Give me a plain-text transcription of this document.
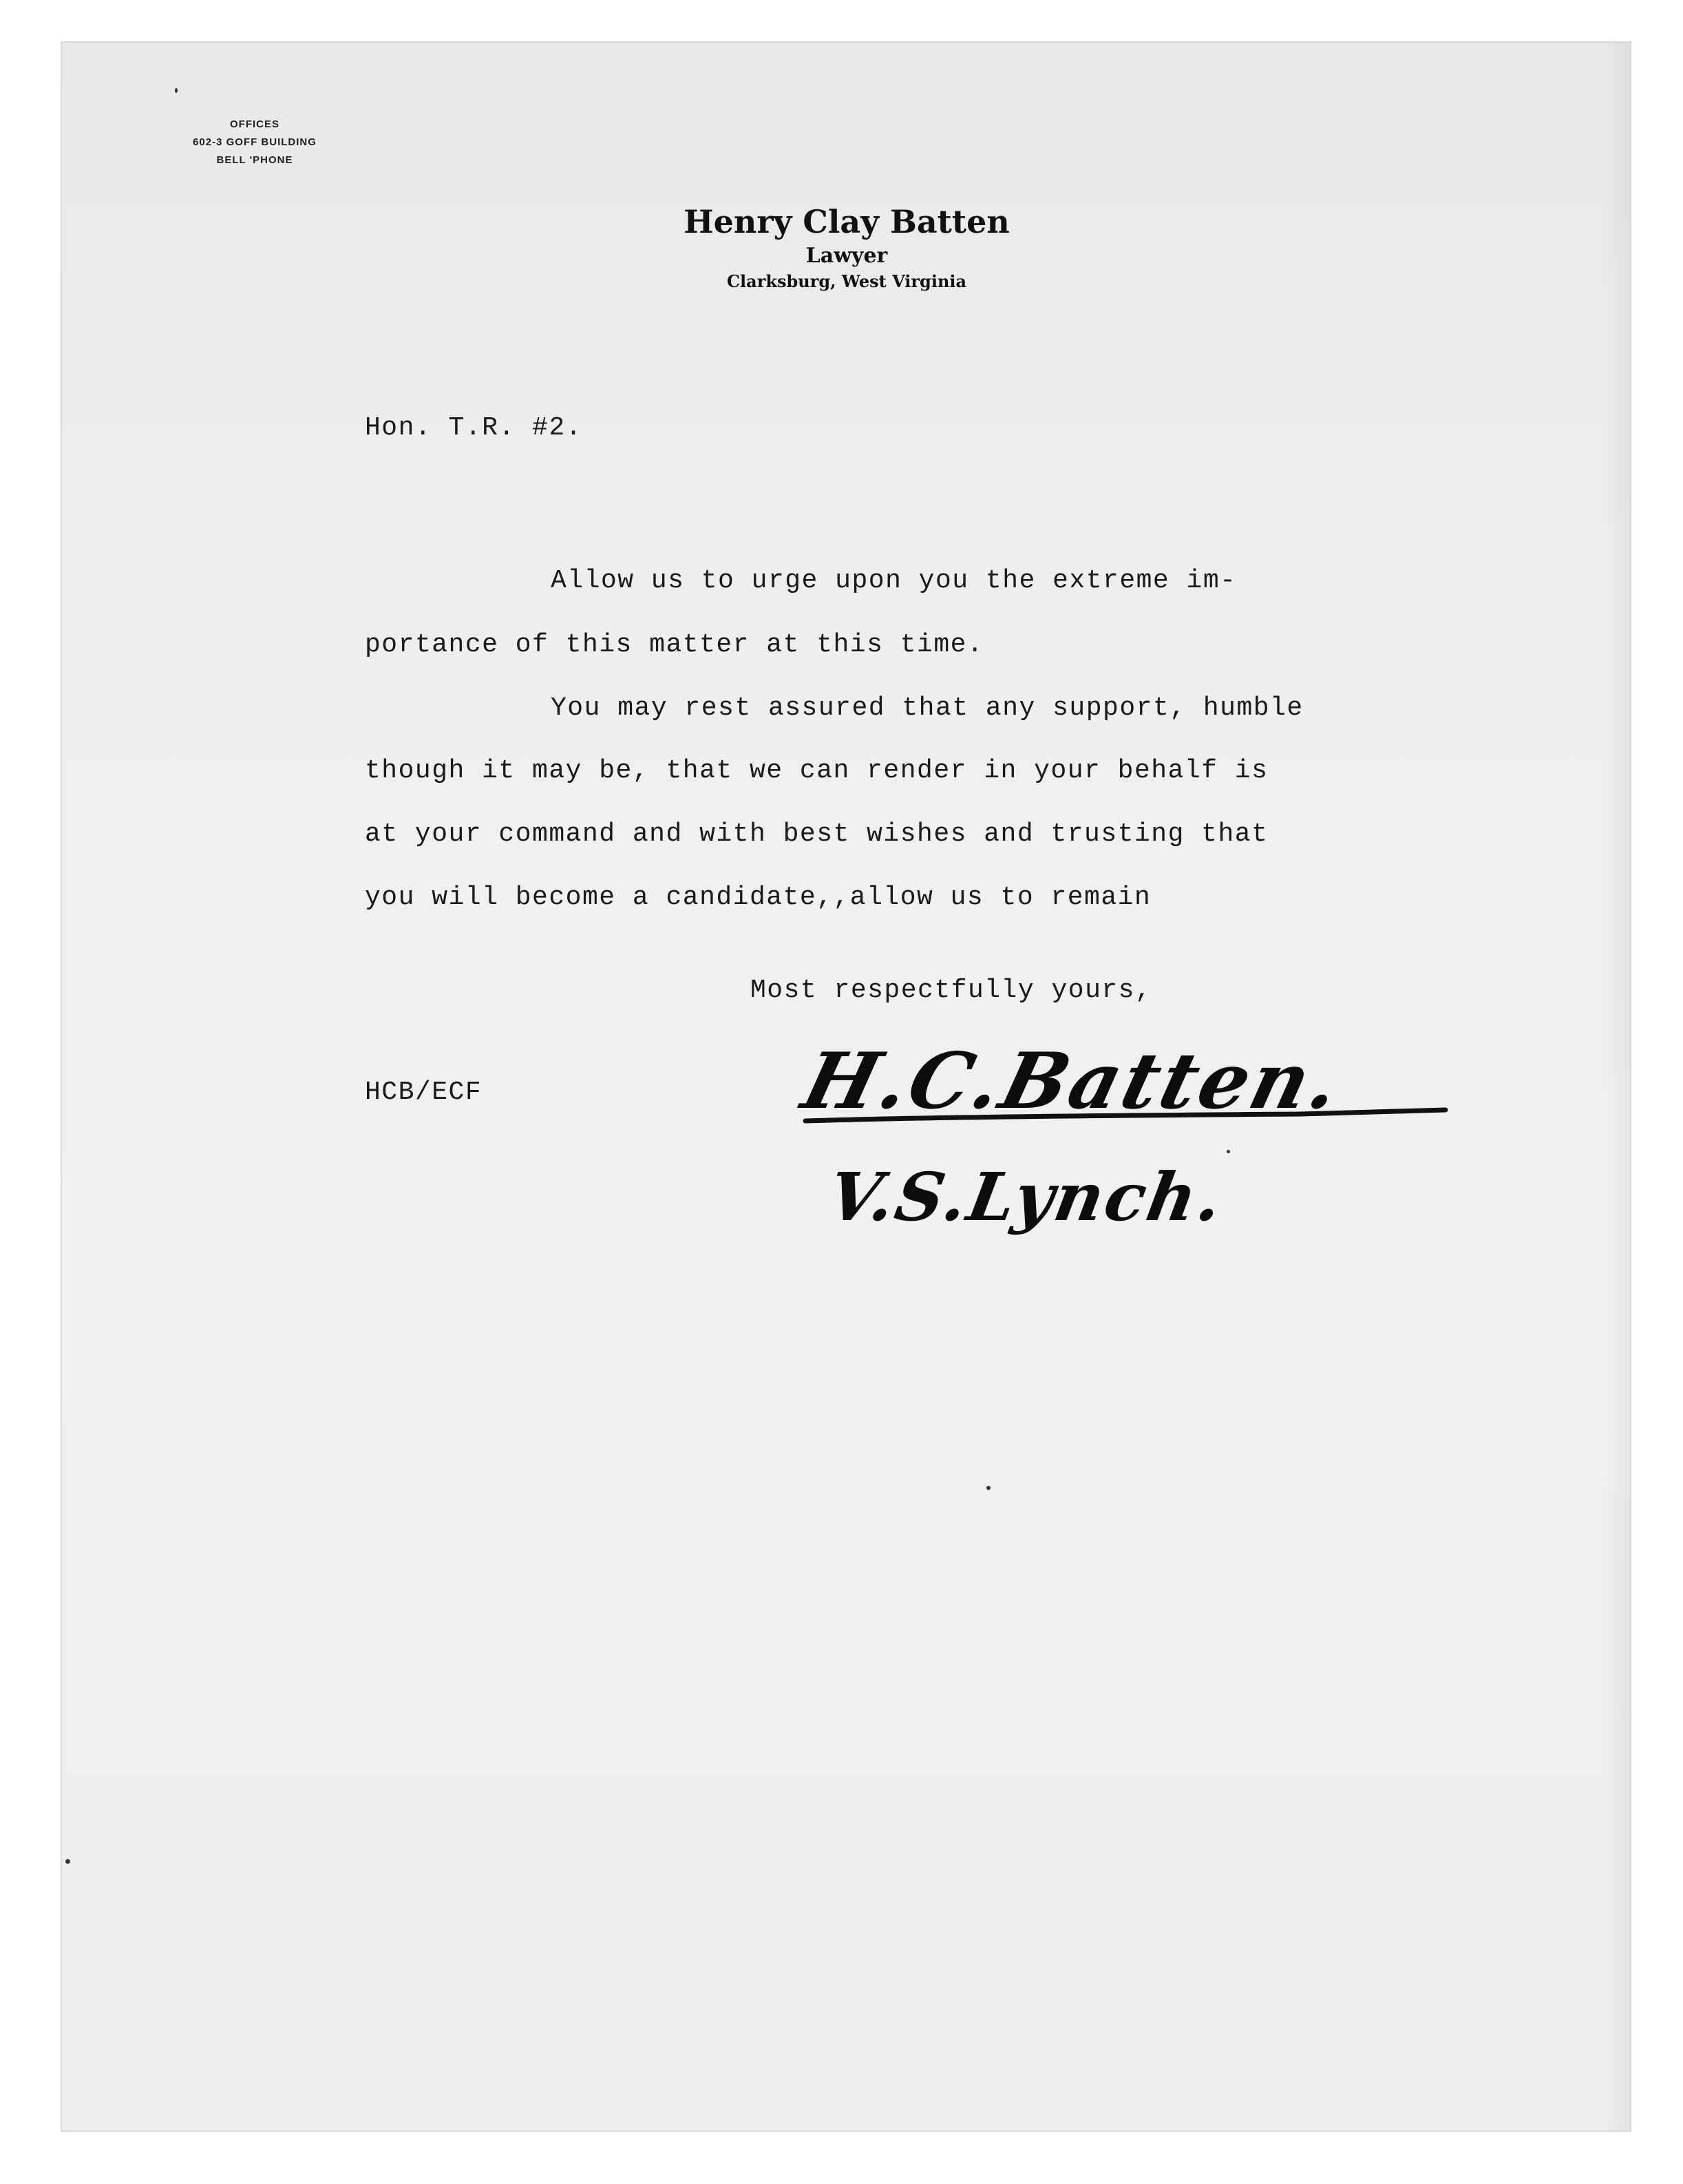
OFFICES
602-3 GOFF BUILDING
BELL 'PHONE
Henry Clay Batten
Lawyer
Clarksburg, West Virginia
Hon. T.R. #2.
Allow us to urge upon you the extreme im-
portance of this matter at this time.
You may rest assured that any support, humble
though it may be, that we can render in your behalf is
at your command and with best wishes and trusting that
you will become a candidate,,allow us to remain
Most respectfully yours,
HCB/ECF	H.C.Batten.
V.S.Lynch.
